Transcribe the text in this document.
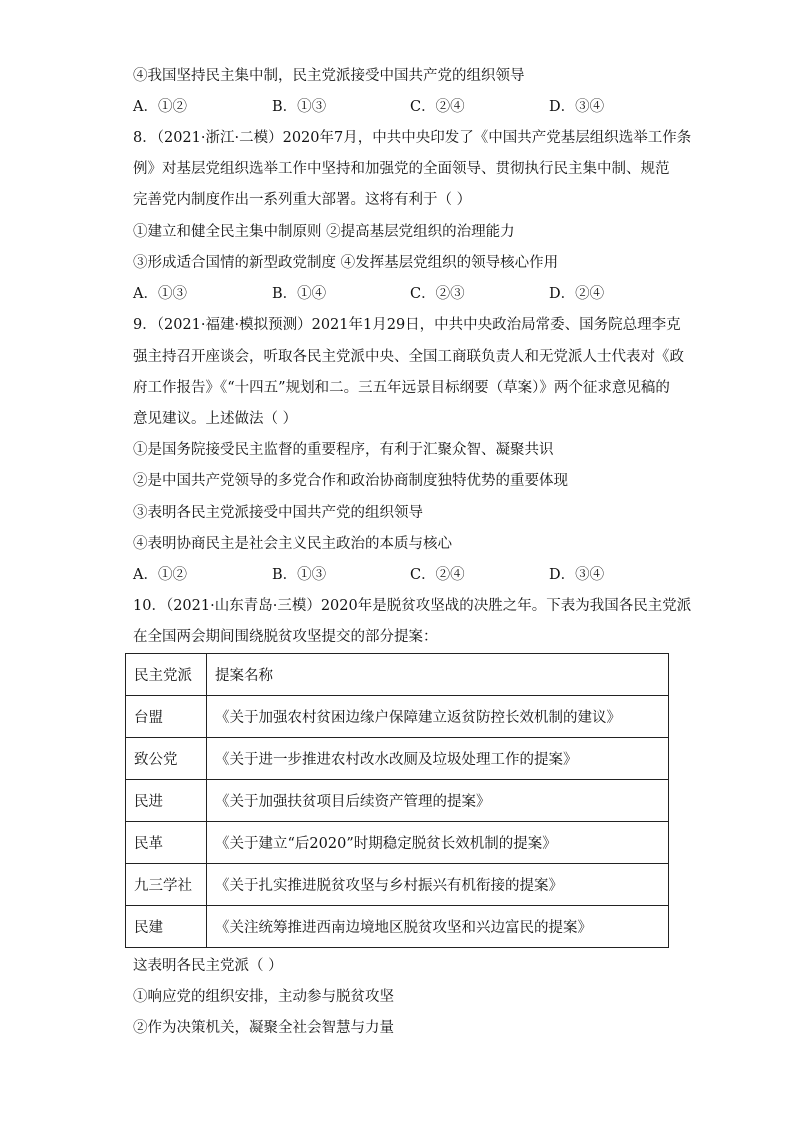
④我国坚持民主集中制，民主党派接受中国共产党的组织领导
A．①②	B．①③	C．②④	D．③④
8．（2021·浙江·二模）2020年7月，中共中央印发了《中国共产党基层组织选举工作条
例》对基层党组织选举工作中坚持和加强党的全面领导、贯彻执行民主集中制、规范
完善党内制度作出一系列重大部署。这将有利于（ ）
①建立和健全民主集中制原则 ②提高基层党组织的治理能力
③形成适合国情的新型政党制度 ④发挥基层党组织的领导核心作用
A．①③	B．①④	C．②③	D．②④
9．（2021·福建·模拟预测）2021年1月29日，中共中央政治局常委、国务院总理李克
强主持召开座谈会，听取各民主党派中央、全国工商联负责人和无党派人士代表对《政
府工作报告》《“十四五”规划和二。三五年远景目标纲要（草案）》两个征求意见稿的
意见建议。上述做法（ ）
①是国务院接受民主监督的重要程序，有利于汇聚众智、凝聚共识
②是中国共产党领导的多党合作和政治协商制度独特优势的重要体现
③表明各民主党派接受中国共产党的组织领导
④表明协商民主是社会主义民主政治的本质与核心
A．①②	B．①③	C．②④	D．③④
10．（2021·山东青岛·三模）2020年是脱贫攻坚战的决胜之年。下表为我国各民主党派
在全国两会期间围绕脱贫攻坚提交的部分提案：
民主党派	提案名称
台盟	《关于加强农村贫困边缘户保障建立返贫防控长效机制的建议》
致公党	《关于进一步推进农村改水改厕及垃圾处理工作的提案》
民进	《关于加强扶贫项目后续资产管理的提案》
民革	《关于建立“后2020”时期稳定脱贫长效机制的提案》
九三学社	《关于扎实推进脱贫攻坚与乡村振兴有机衔接的提案》
民建	《关注统筹推进西南边境地区脱贫攻坚和兴边富民的提案》
这表明各民主党派（ ）
①响应党的组织安排，主动参与脱贫攻坚
②作为决策机关，凝聚全社会智慧与力量
